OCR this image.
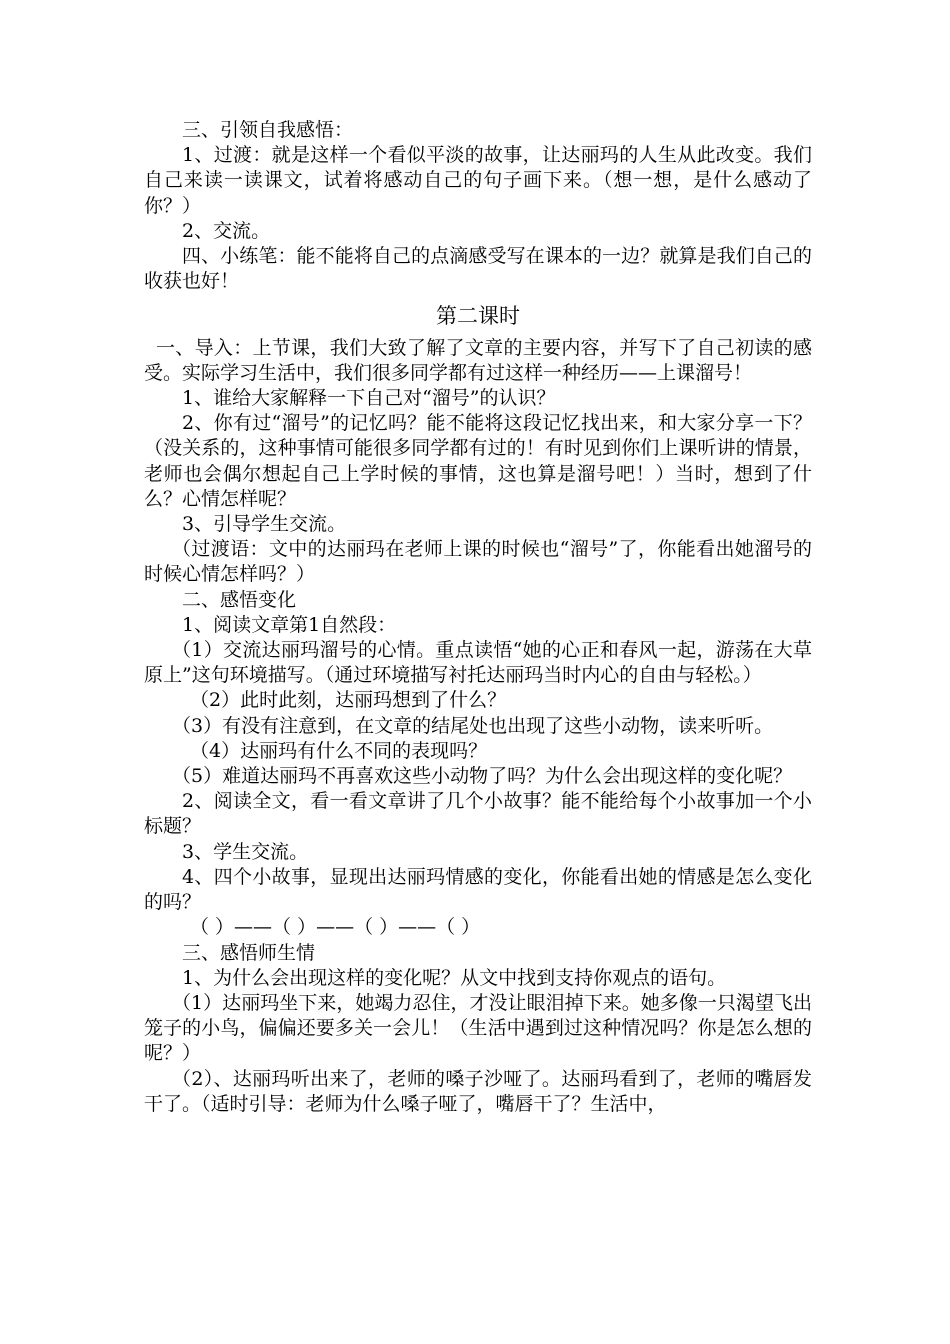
三、引领自我感悟：

1、过渡：就是这样一个看似平淡的故事，让达丽玛的人生从此改变。我们自己来读一读课文，试着将感动自己的句子画下来。（想一想，是什么感动了你？）

2、交流。

四、小练笔：能不能将自己的点滴感受写在课本的一边？就算是我们自己的收获也好！

第二课时

一、导入：上节课，我们大致了解了文章的主要内容，并写下了自己初读的感受。实际学习生活中，我们很多同学都有过这样一种经历——上课溜号！

1、谁给大家解释一下自己对“溜号”的认识？

2、你有过“溜号”的记忆吗？能不能将这段记忆找出来，和大家分享一下？（没关系的，这种事情可能很多同学都有过的！有时见到你们上课听讲的情景，老师也会偶尔想起自己上学时候的事情，这也算是溜号吧！）当时，想到了什么？心情怎样呢？

3、引导学生交流。

（过渡语：文中的达丽玛在老师上课的时候也“溜号”了，你能看出她溜号的时候心情怎样吗？）

二、感悟变化

1、阅读文章第1自然段：

（1）交流达丽玛溜号的心情。重点读悟“她的心正和春风一起，游荡在大草原上”这句环境描写。（通过环境描写衬托达丽玛当时内心的自由与轻松。）

（2）此时此刻，达丽玛想到了什么？

（3）有没有注意到，在文章的结尾处也出现了这些小动物，读来听听。

（4）达丽玛有什么不同的表现吗？

（5）难道达丽玛不再喜欢这些小动物了吗？为什么会出现这样的变化呢？

2、阅读全文，看一看文章讲了几个小故事？能不能给每个小故事加一个小标题？

3、学生交流。

4、四个小故事，显现出达丽玛情感的变化，你能看出她的情感是怎么变化的吗？

（ ）——（ ）——（ ）——（ ）

三、感悟师生情

1、为什么会出现这样的变化呢？从文中找到支持你观点的语句。

（1）达丽玛坐下来，她竭力忍住，才没让眼泪掉下来。她多像一只渴望飞出笼子的小鸟，偏偏还要多关一会儿！（生活中遇到过这种情况吗？你是怎么想的呢？）

（2）、达丽玛听出来了，老师的嗓子沙哑了。达丽玛看到了，老师的嘴唇发干了。（适时引导：老师为什么嗓子哑了，嘴唇干了？生活中，
